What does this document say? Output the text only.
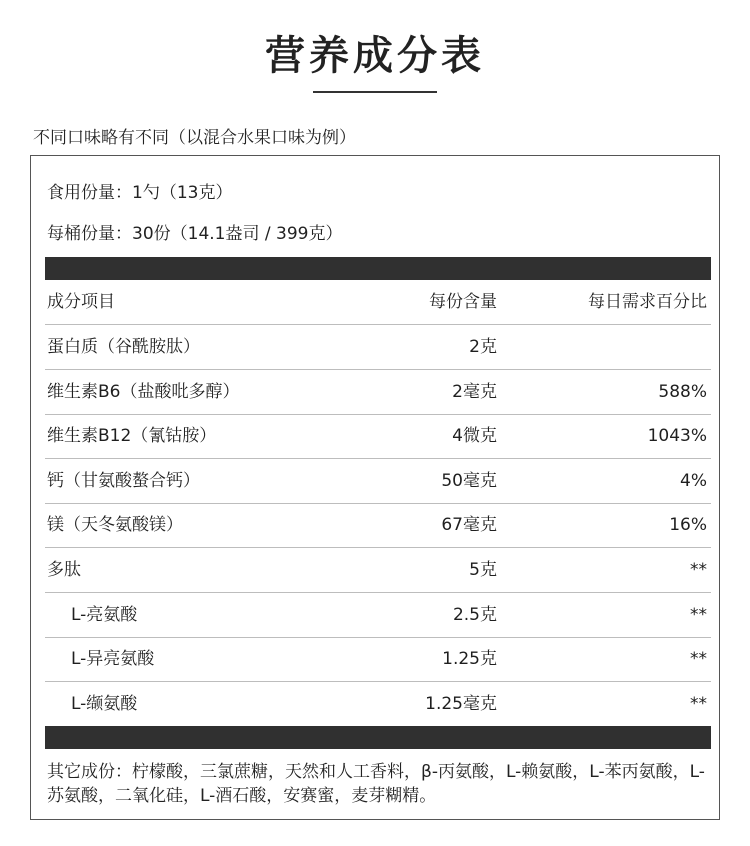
营养成分表
不同口味略有不同（以混合水果口味为例）
食用份量：1勺（13克）
每桶份量：30份（14.1盎司 / 399克）
成分项目	每份含量	每日需求百分比
蛋白质（谷酰胺肽）	2克
维生素B6（盐酸吡多醇）	2毫克	588%
维生素B12（氰钴胺）	4微克	1043%
钙（甘氨酸螯合钙）	50毫克	4%
镁（天冬氨酸镁）	67毫克	16%
多肽	5克	**
L-亮氨酸	2.5克	**
L-异亮氨酸	1.25克	**
L-缬氨酸	1.25毫克	**
其它成份：柠檬酸，三氯蔗糖，天然和人工香料，β-丙氨酸，L-赖氨酸，L-苯丙氨酸，L-苏氨酸，二氧化硅，L-酒石酸，安赛蜜，麦芽糊精。
